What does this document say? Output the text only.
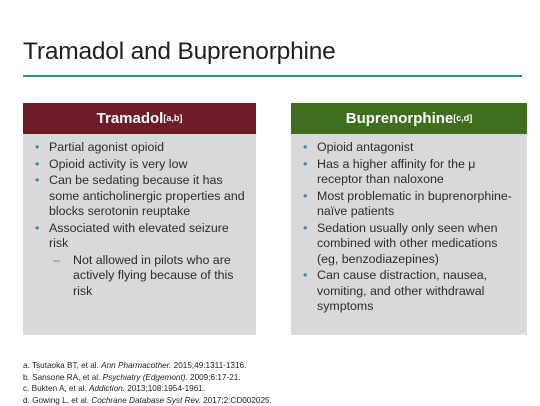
Tramadol and Buprenorphine
Tramadol[a,b]
• Partial agonist opioid
• Opioid activity is very low
• Can be sedating because it has some anticholinergic properties and blocks serotonin reuptake
• Associated with elevated seizure risk
– Not allowed in pilots who are actively flying because of this risk
Buprenorphine[c,d]
• Opioid antagonist
• Has a higher affinity for the μ receptor than naloxone
• Most problematic in buprenorphine-naïve patients
• Sedation usually only seen when combined with other medications (eg, benzodiazepines)
• Can cause distraction, nausea, vomiting, and other withdrawal symptoms
a. Tsutaoka BT, et al. Ann Pharmacother. 2015;49:1311-1316.
b. Sansone RA, et al. Psychiatry (Edgemont). 2009;6:17-21.
c. Bukten A, et al. Addiction. 2013;108:1954-1961.
d. Gowing L, et al. Cochrane Database Syst Rev. 2017;2:CD002025.
